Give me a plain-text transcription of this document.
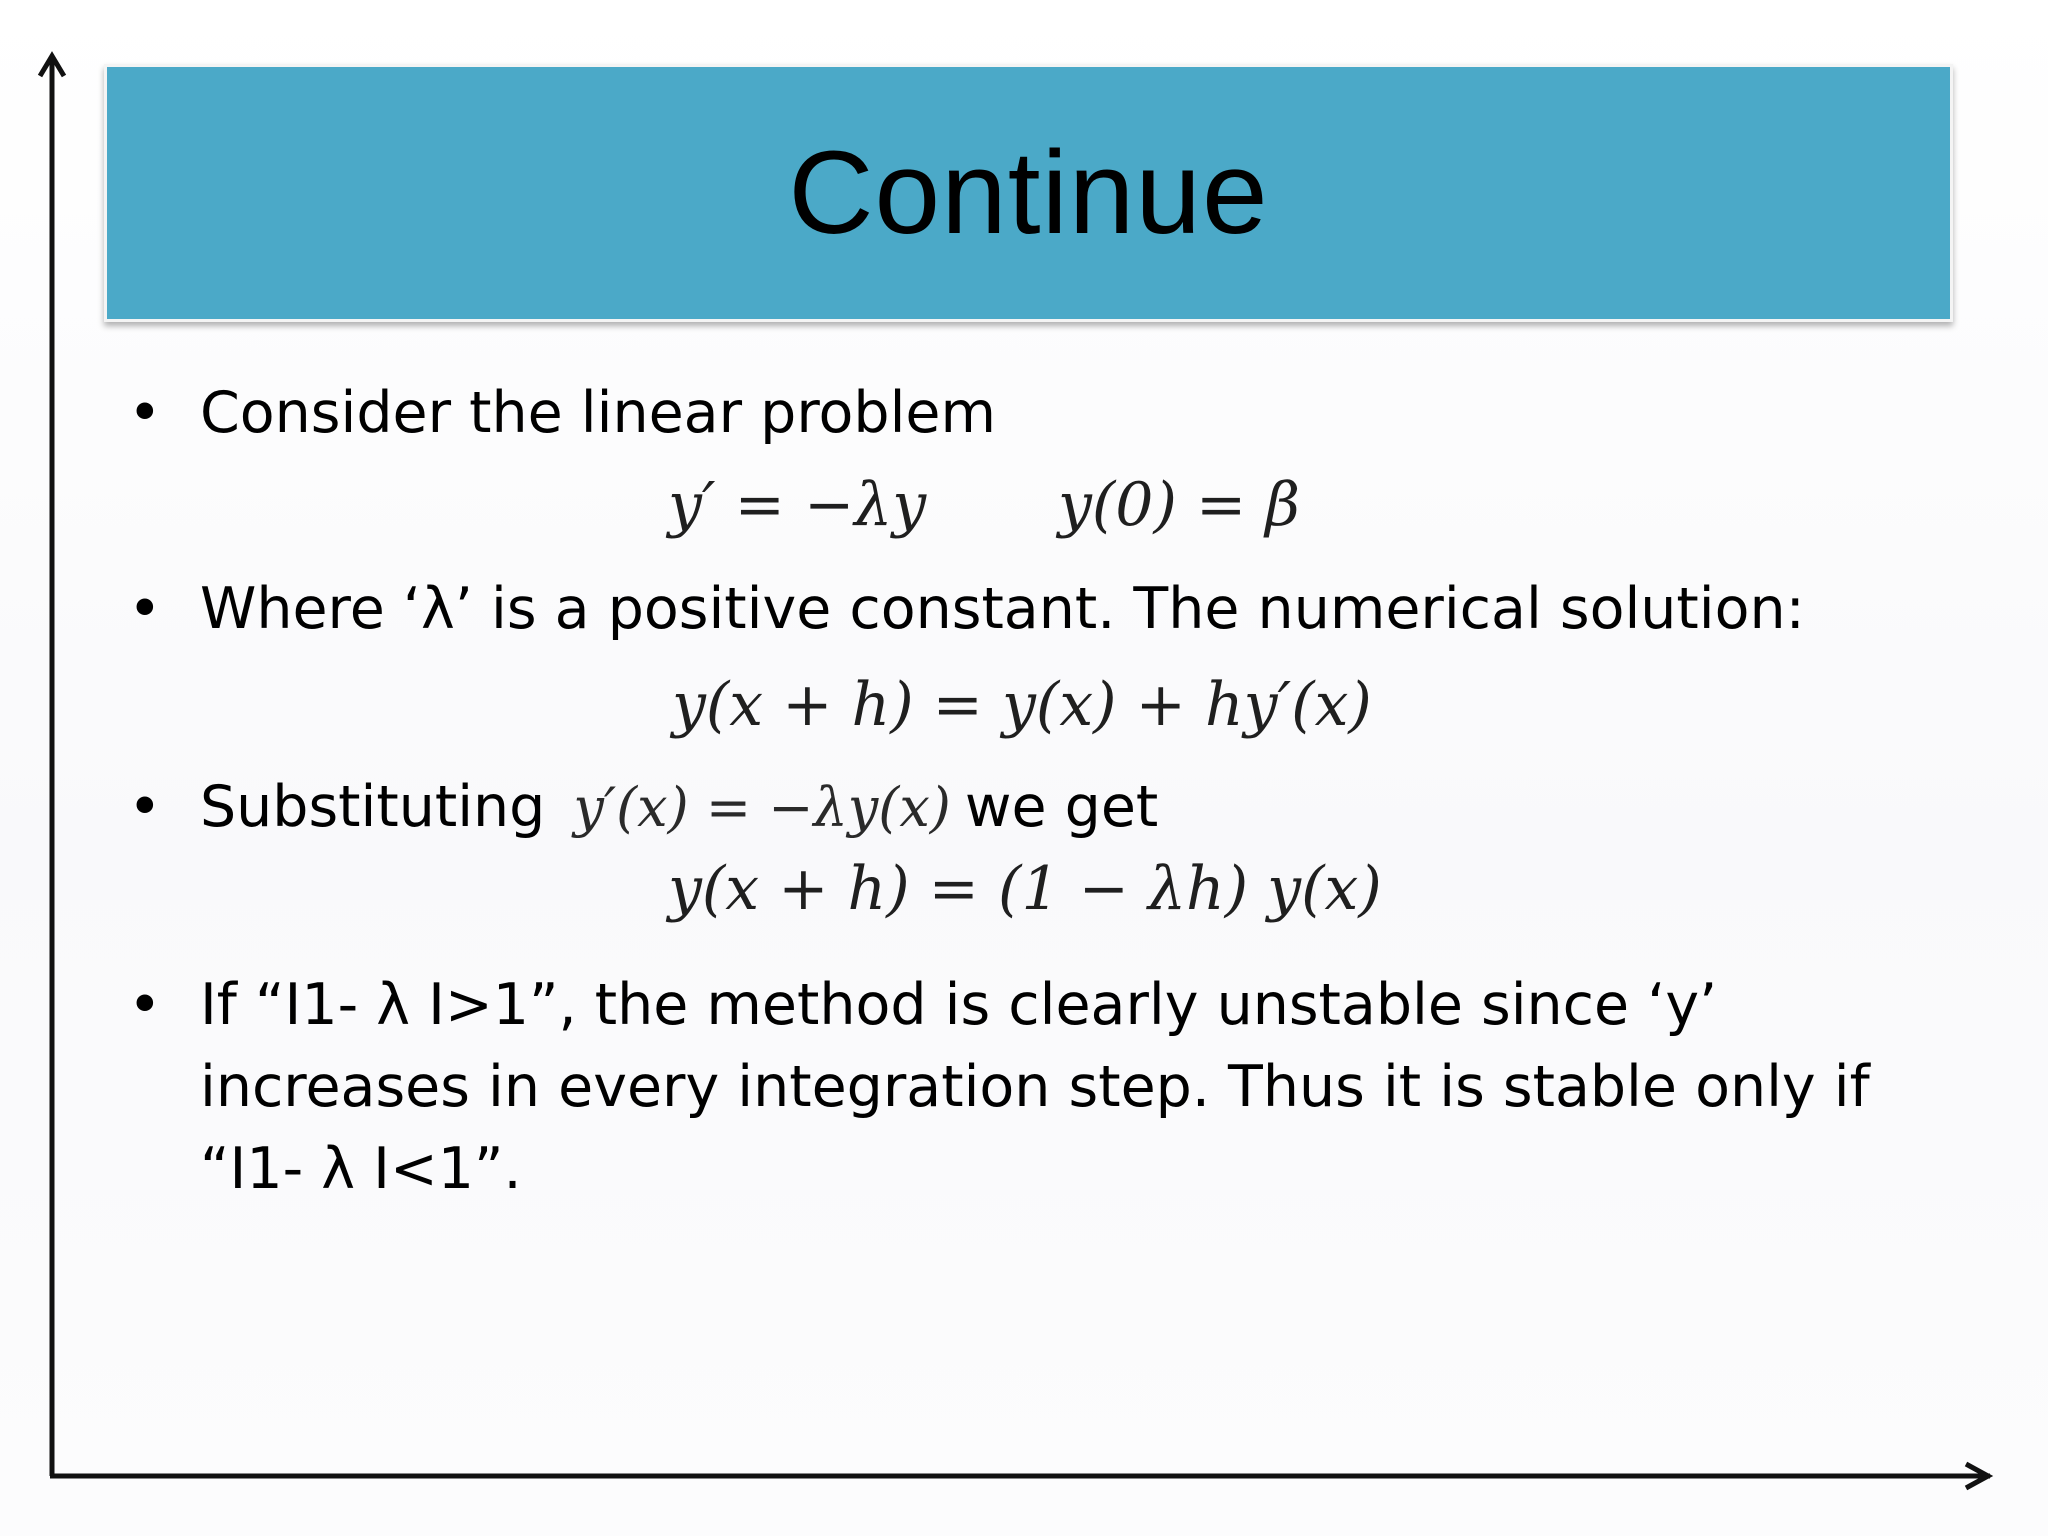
Continue
• Consider the linear problem
y′ = −λy y(0) = β
• Where ‘λ’ is a positive constant. The numerical solution:
y(x + h) = y(x) + hy′(x)
• Substituting y′(x) = −λy(x) we get
y(x + h) = (1 − λh) y(x)
• If “I1- λ I>1”, the method is clearly unstable since ‘y’ increases in every integration step. Thus it is stable only if “I1- λ I<1”.
